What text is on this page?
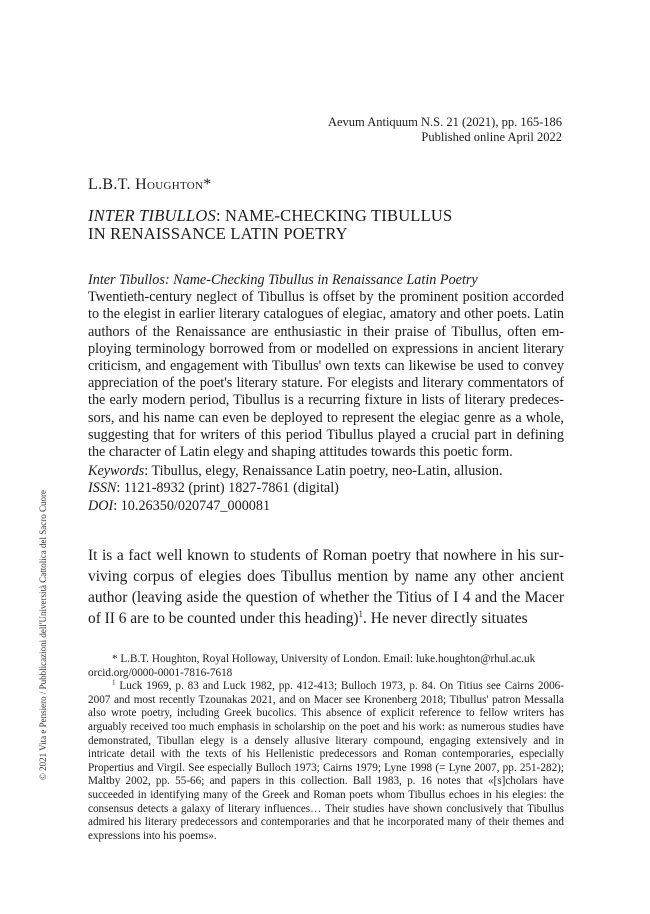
Aevum Antiquum N.S. 21 (2021), pp. 165-186
Published online April 2022
L.B.T. Houghton*
INTER TIBULLOS: NAME-CHECKING TIBULLUS
IN RENAISSANCE LATIN POETRY
Inter Tibullos: Name-Checking Tibullus in Renaissance Latin Poetry
Twentieth-century neglect of Tibullus is offset by the prominent position accorded to the elegist in earlier literary catalogues of elegiac, amatory and other poets. Latin authors of the Renaissance are enthusiastic in their praise of Tibullus, often employing terminology borrowed from or modelled on expressions in ancient literary criticism, and engagement with Tibullus' own texts can likewise be used to convey appreciation of the poet's literary stature. For elegists and literary commentators of the early modern period, Tibullus is a recurring fixture in lists of literary predecessors, and his name can even be deployed to represent the elegiac genre as a whole, suggesting that for writers of this period Tibullus played a crucial part in defining the character of Latin elegy and shaping attitudes towards this poetic form.
Keywords: Tibullus, elegy, Renaissance Latin poetry, neo-Latin, allusion.
ISSN: 1121-8932 (print) 1827-7861 (digital)
DOI: 10.26350/020747_000081
It is a fact well known to students of Roman poetry that nowhere in his surviving corpus of elegies does Tibullus mention by name any other ancient author (leaving aside the question of whether the Titius of I 4 and the Macer of II 6 are to be counted under this heading)$^1$. He never directly situates

* L.B.T. Houghton, Royal Holloway, University of London. Email: luke.houghton@rhul.ac.uk

orcid.org/0000-0001-7816-7618

$^1$ Luck 1969, p. 83 and Luck 1982, pp. 412-413; Bulloch 1973, p. 84. On Titius see Cairns 2006-2007 and most recently Tzounakas 2021, and on Macer see Kronenberg 2018; Tibullus' patron Messalla also wrote poetry, including Greek bucolics. This absence of explicit reference to fellow writers has arguably received too much emphasis in scholarship on the poet and his work: as numerous studies have demonstrated, Tibullan elegy is a densely allusive literary compound, engaging extensively and in intricate detail with the texts of his Hellenistic predecessors and Roman contemporaries, especially Propertius and Virgil. See especially Bulloch 1973; Cairns 1979; Lyne 1998 (= Lyne 2007, pp. 251-282); Maltby 2002, pp. 55-66; and papers in this collection. Ball 1983, p. 16 notes that «[s]cholars have succeeded in identifying many of the Greek and Roman poets whom Tibullus echoes in his elegies: the consensus detects a galaxy of literary influences… Their studies have shown conclusively that Tibullus admired his literary predecessors and contemporaries and that he incorporated many of their themes and expressions into his poems».

© 2021 Vita e Pensiero / Pubblicazioni dell'Università Cattolica del Sacro Cuore
